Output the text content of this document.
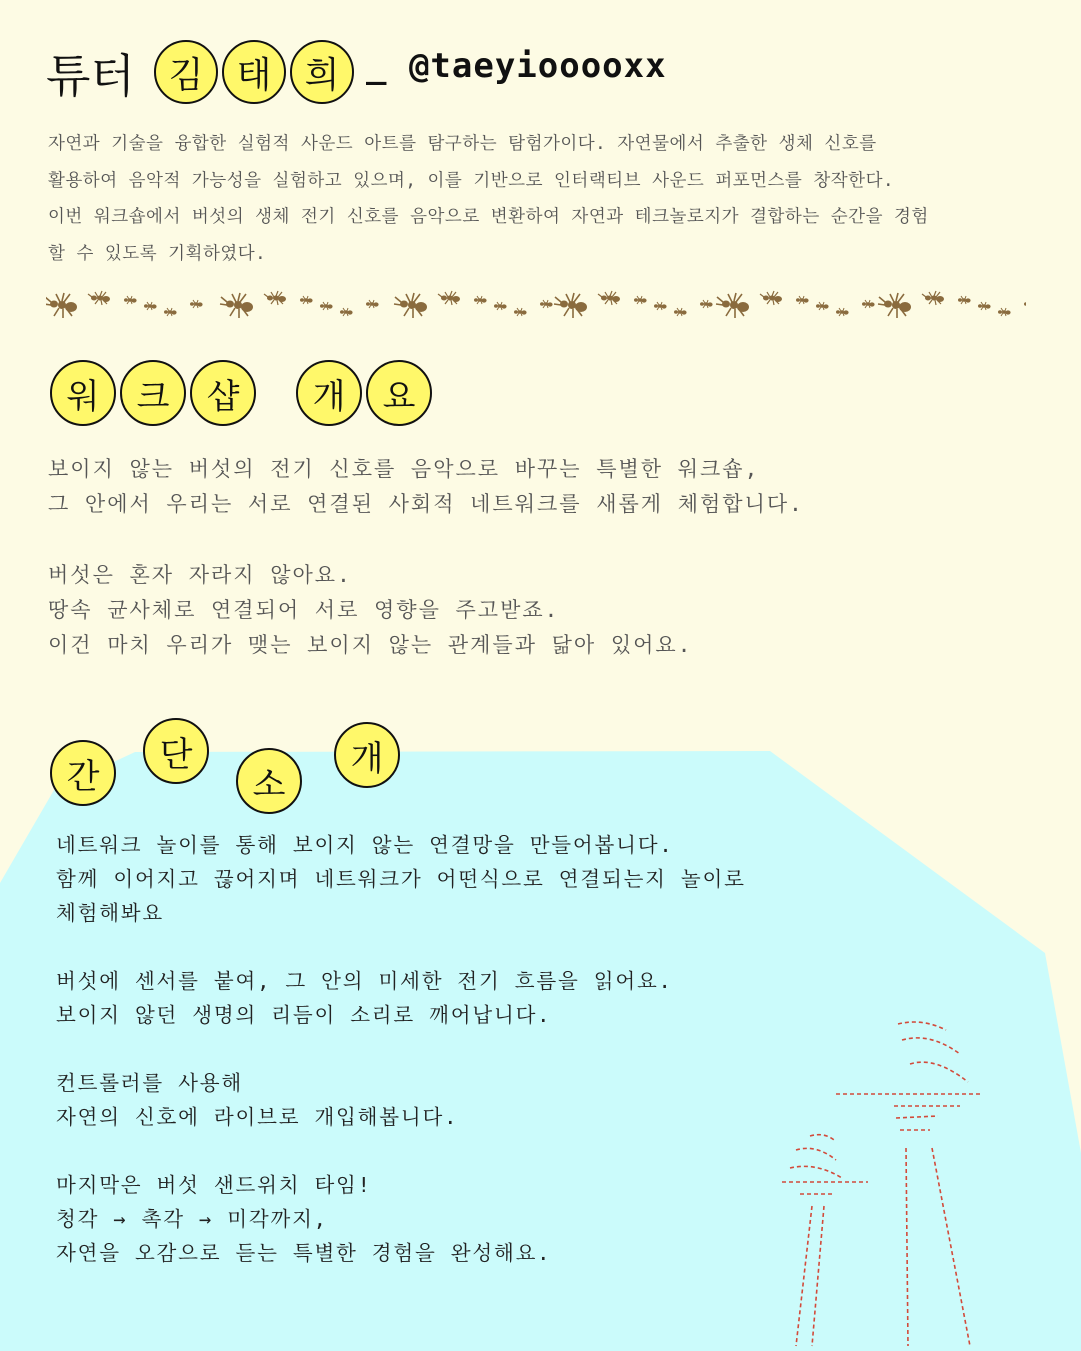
튜터 김 태 희 _ @taeyiooooxx

자연과 기술을 융합한 실험적 사운드 아트를 탐구하는 탐험가이다. 자연물에서 추출한 생체 신호를

활용하여 음악적 가능성을 실험하고 있으며, 이를 기반으로 인터랙티브 사운드 퍼포먼스를 창작한다.

이번 워크숍에서 버섯의 생체 전기 신호를 음악으로 변환하여 자연과 테크놀로지가 결합하는 순간을 경험

할 수 있도록 기획하였다.

워	크	샵	개	요

보이지 않는 버섯의 전기 신호를 음악으로 바꾸는 특별한 워크숍,

그 안에서 우리는 서로 연결된 사회적 네트워크를 새롭게 체험합니다.

버섯은 혼자 자라지 않아요.

땅속 균사체로 연결되어 서로 영향을 주고받죠.

이건 마치 우리가 맺는 보이지 않는 관계들과 닮아 있어요.

간
단
소
개

네트워크 놀이를 통해 보이지 않는 연결망을 만들어봅니다.

함께 이어지고 끊어지며 네트워크가 어떤식으로 연결되는지 놀이로

체험해봐요

버섯에 센서를 붙여, 그 안의 미세한 전기 흐름을 읽어요.

보이지 않던 생명의 리듬이 소리로 깨어납니다.

컨트롤러를 사용해

자연의 신호에 라이브로 개입해봅니다.

마지막은 버섯 샌드위치 타임!

청각 → 촉각 → 미각까지,

자연을 오감으로 듣는 특별한 경험을 완성해요.
